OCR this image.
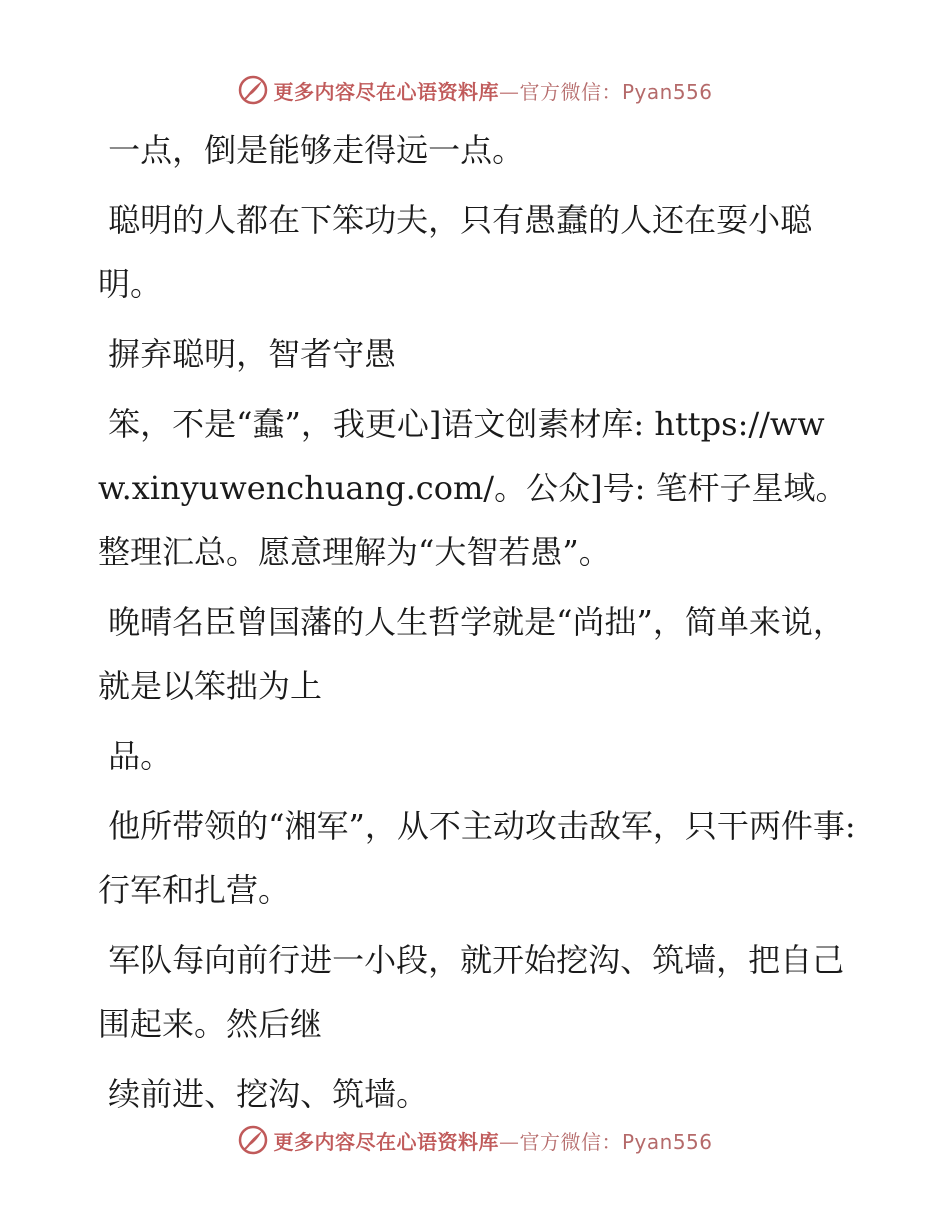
更多内容尽在心语资料库—官方微信：Pyan556

一点，倒是能够走得远一点。

聪明的人都在下笨功夫，只有愚蠢的人还在耍小聪明。

摒弃聪明，智者守愚

笨，不是“蠢”，我更心]语文创素材库: https://www.xinyuwenchuang.com/。公众]号: 笔杆子星域。整理汇总。愿意理解为“大智若愚”。

晚晴名臣曾国藩的人生哲学就是“尚拙”，简单来说，就是以笨拙为上

品。

他所带领的“湘军”，从不主动攻击敌军，只干两件事: 行军和扎营。

军队每向前行进一小段，就开始挖沟、筑墙，把自己围起来。然后继

续前进、挖沟、筑墙。

更多内容尽在心语资料库—官方微信：Pyan556
